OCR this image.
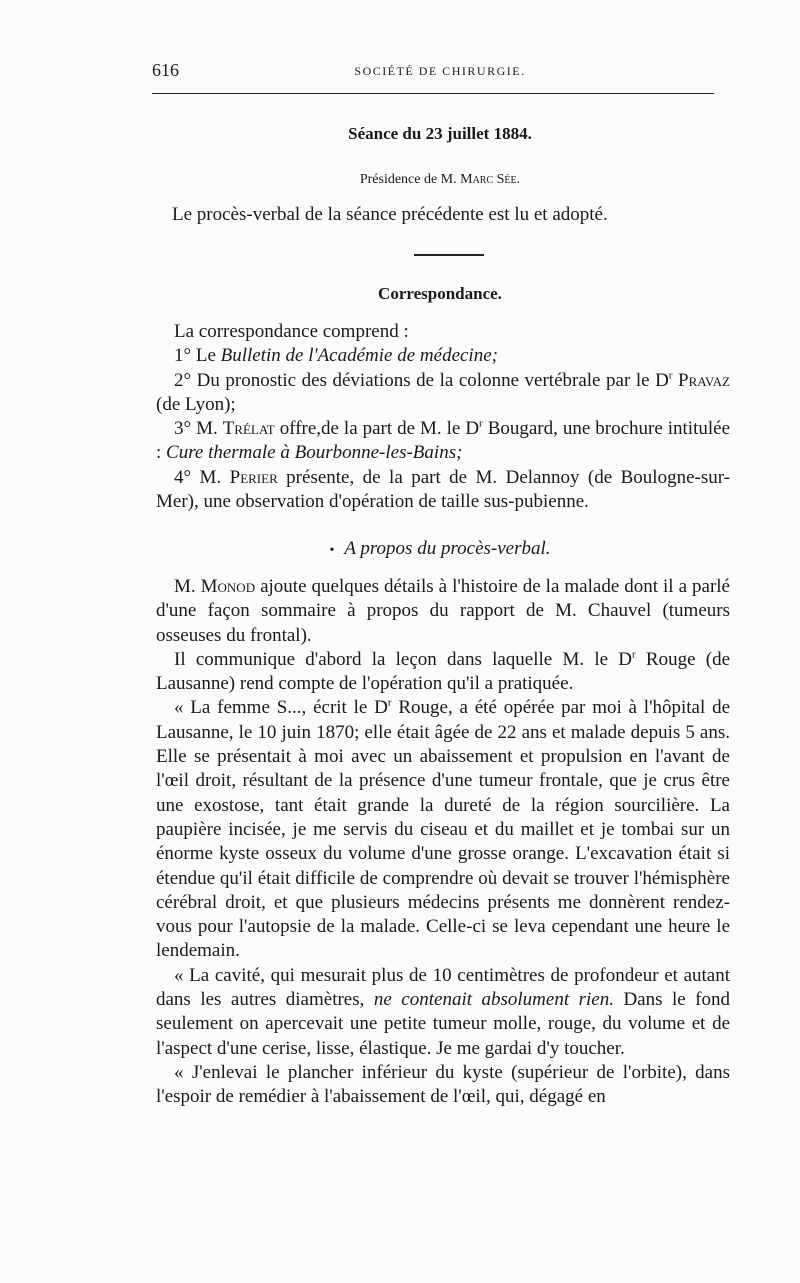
616	SOCIÉTÉ DE CHIRURGIE.
Séance du 23 juillet 1884.
Présidence de M. Marc Sée.
Le procès-verbal de la séance précédente est lu et adopté.
Correspondance.

La correspondance comprend :

1° Le Bulletin de l'Académie de médecine;

2° Du pronostic des déviations de la colonne vertébrale par le $D^r$ Pravaz (de Lyon);

3° M. Trélat offre,de la part de M. le $D^r$ Bougard, une brochure intitulée : Cure thermale à Bourbonne-les-Bains;

4° M. Perier présente, de la part de M. Delannoy (de Boulogne-sur-Mer), une observation d'opération de taille sus-pubienne.

• A propos du procès-verbal.

M. Monod ajoute quelques détails à l'histoire de la malade dont il a parlé d'une façon sommaire à propos du rapport de M. Chauvel (tumeurs osseuses du frontal).

Il communique d'abord la leçon dans laquelle M. le $D^r$ Rouge (de Lausanne) rend compte de l'opération qu'il a pratiquée.

« La femme S..., écrit le $D^r$ Rouge, a été opérée par moi à l'hôpital de Lausanne, le 10 juin 1870; elle était âgée de 22 ans et malade depuis 5 ans. Elle se présentait à moi avec un abaissement et propulsion en l'avant de l'œil droit, résultant de la présence d'une tumeur frontale, que je crus être une exostose, tant était grande la dureté de la région sourcilière. La paupière incisée, je me servis du ciseau et du maillet et je tombai sur un énorme kyste osseux du volume d'une grosse orange. L'excavation était si étendue qu'il était difficile de comprendre où devait se trouver l'hémisphère cérébral droit, et que plusieurs médecins présents me donnèrent rendez-vous pour l'autopsie de la malade. Celle-ci se leva cependant une heure le lendemain.

« La cavité, qui mesurait plus de 10 centimètres de profondeur et autant dans les autres diamètres, ne contenait absolument rien. Dans le fond seulement on apercevait une petite tumeur molle, rouge, du volume et de l'aspect d'une cerise, lisse, élastique. Je me gardai d'y toucher.

« J'enlevai le plancher inférieur du kyste (supérieur de l'orbite), dans l'espoir de remédier à l'abaissement de l'œil, qui, dégagé en
